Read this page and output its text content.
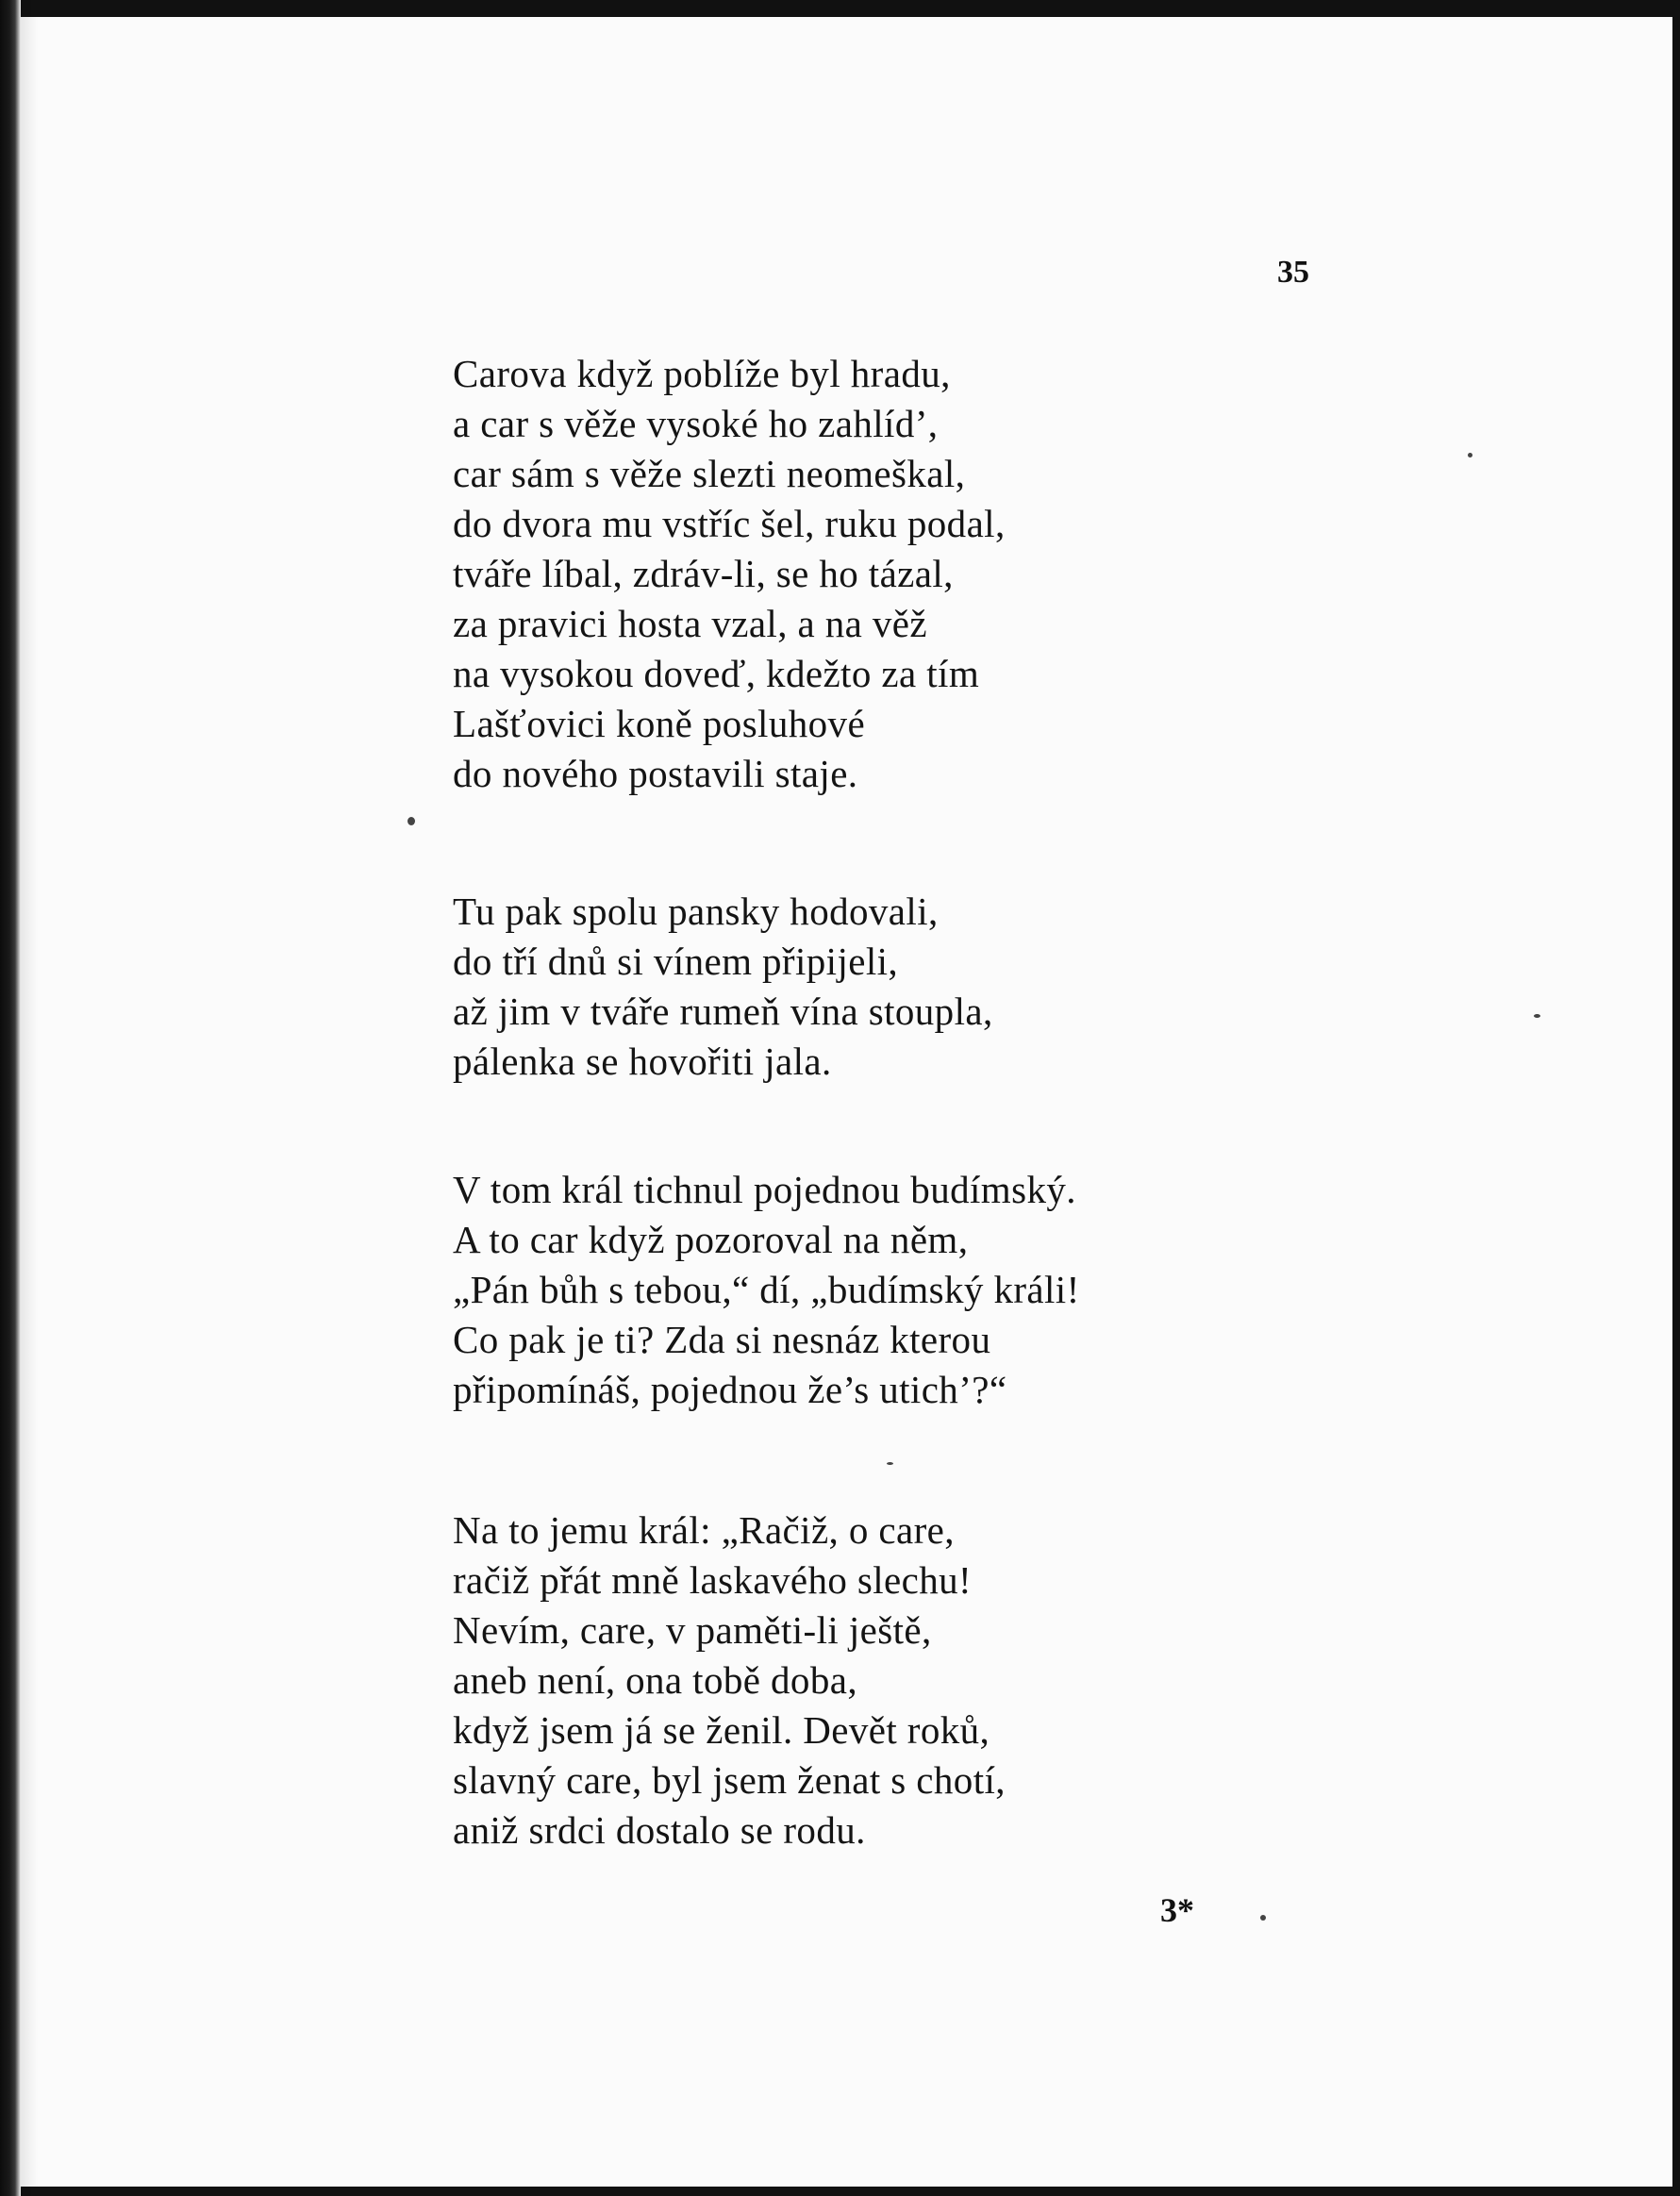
35
Carova když poblíže byl hradu,
a car s věže vysoké ho zahlíd’,
car sám s věže slezti neomeškal,
do dvora mu vstříc šel, ruku podal,
tváře líbal, zdráv-li, se ho tázal,
za pravici hosta vzal, a na věž
na vysokou doveď, kdežto za tím
Lašťovici koně posluhové
do nového postavili staje.
Tu pak spolu pansky hodovali,
do tří dnů si vínem připijeli,
až jim v tváře rumeň vína stoupla,
pálenka se hovořiti jala.
V tom král tichnul pojednou budímský.
A to car když pozoroval na něm,
„Pán bůh s tebou,“ dí, „budímský králi!
Co pak je ti? Zda si nesnáz kterou
připomínáš, pojednou že’s utich’?“
Na to jemu král: „Račiž, o care,
račiž přát mně laskavého slechu!
Nevím, care, v paměti-li ještě,
aneb není, ona tobě doba,
když jsem já se ženil. Devět roků,
slavný care, byl jsem ženat s chotí,
aniž srdci dostalo se rodu.
3*
